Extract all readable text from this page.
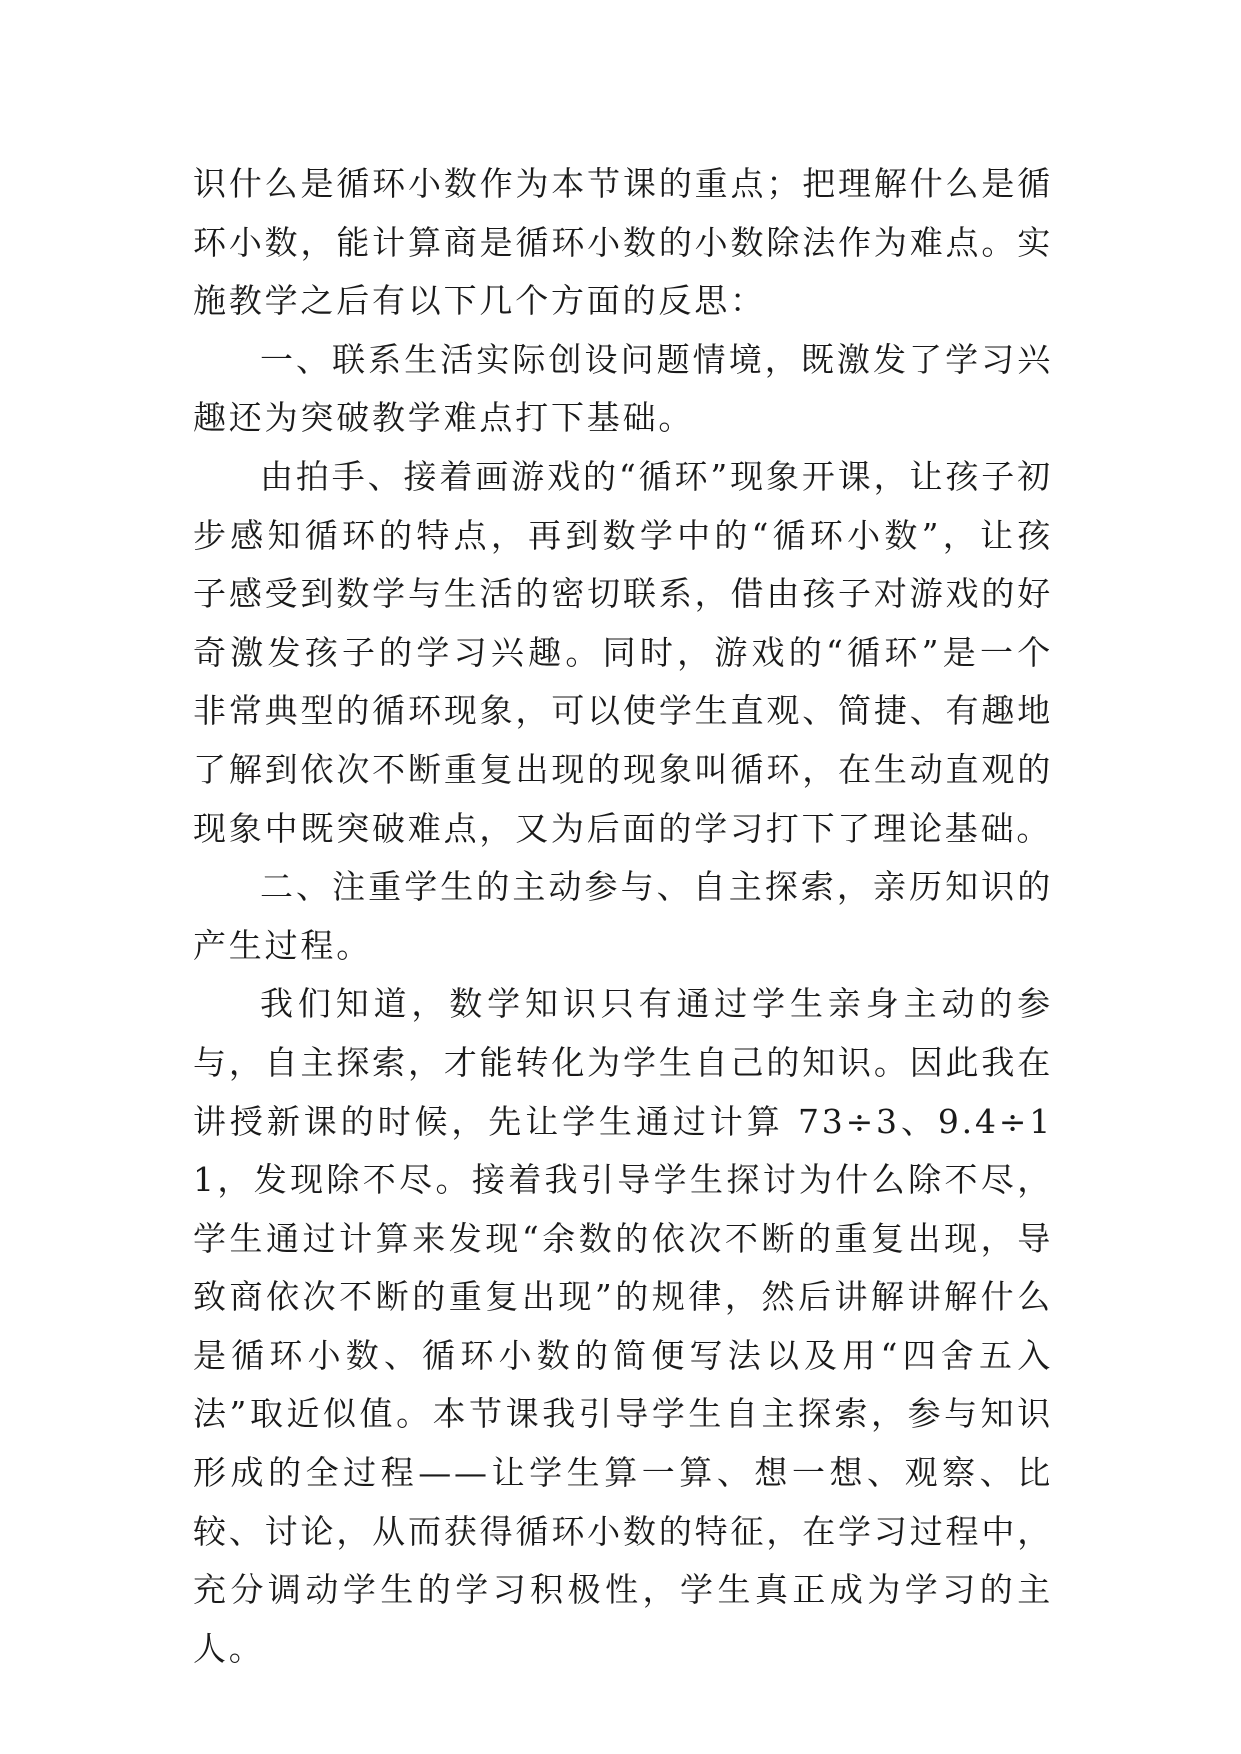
识什么是循环小数作为本节课的重点；把理解什么是循环小数，能计算商是循环小数的小数除法作为难点。实施教学之后有以下几个方面的反思：

一、联系生活实际创设问题情境，既激发了学习兴趣还为突破教学难点打下基础。

由拍手、接着画游戏的“循环”现象开课，让孩子初步感知循环的特点，再到数学中的“循环小数”，让孩子感受到数学与生活的密切联系，借由孩子对游戏的好奇激发孩子的学习兴趣。同时，游戏的“循环”是一个非常典型的循环现象，可以使学生直观、简捷、有趣地了解到依次不断重复出现的现象叫循环，在生动直观的现象中既突破难点，又为后面的学习打下了理论基础。

二、注重学生的主动参与、自主探索，亲历知识的产生过程。

我们知道，数学知识只有通过学生亲身主动的参与，自主探索，才能转化为学生自己的知识。因此我在讲授新课的时候，先让学生通过计算 73÷3、9.4÷11，发现除不尽。接着我引导学生探讨为什么除不尽，学生通过计算来发现“余数的依次不断的重复出现，导致商依次不断的重复出现”的规律，然后讲解讲解什么是循环小数、循环小数的简便写法以及用“四舍五入法”取近似值。本节课我引导学生自主探索，参与知识形成的全过程——让学生算一算、想一想、观察、比较、讨论，从而获得循环小数的特征，在学习过程中，充分调动学生的学习积极性，学生真正成为学习的主人。
